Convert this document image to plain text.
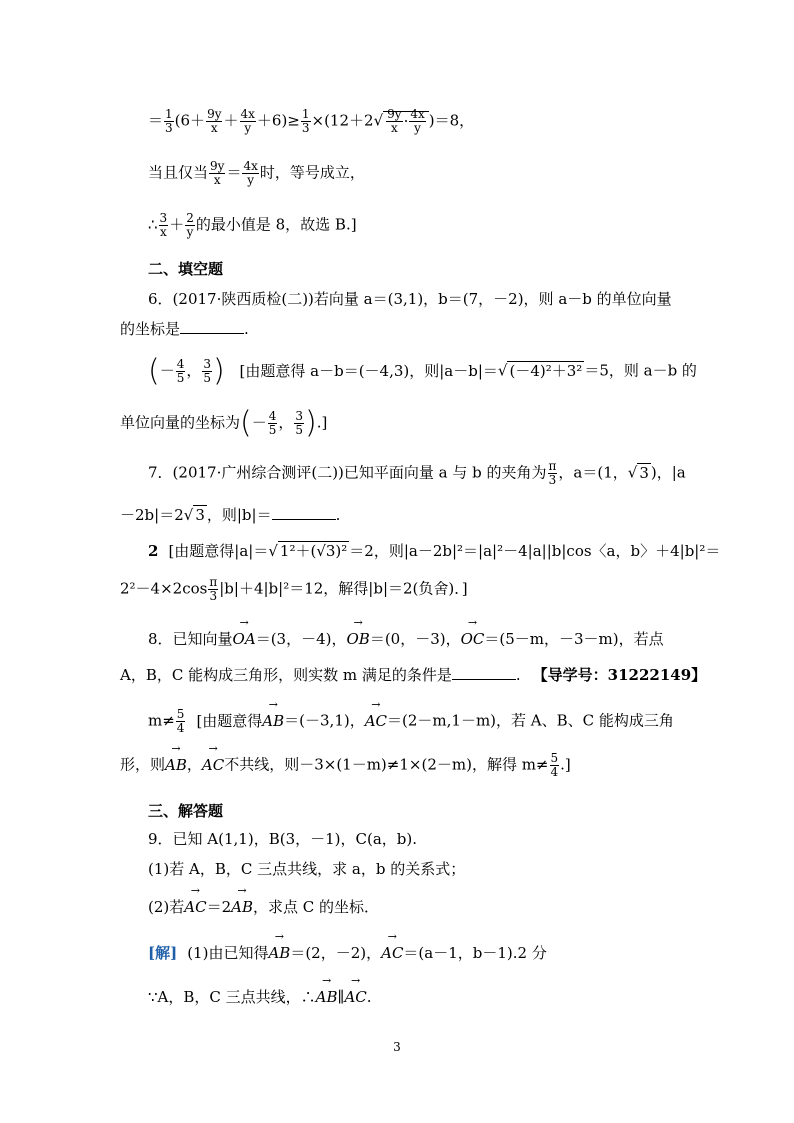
＝ $\frac{1}{3} (6+ \frac{9y}{x} + \frac{4x}{y} +6)\ge \frac{1}{3} \times(12+2√ \frac{9y}{x} \cdot \frac{4x}{y} )=8$，
当且仅当 $\frac{9y}{x} = \frac{4x}{y}$ 时，等号成立，
∴ $\frac{3}{x} + \frac{2}{y}$ 的最小值是 8，故选 B.]
二、填空题
6．(2017·陕西质检(二))若向量 a＝(3,1)，b＝(7，－2)，则 a－b 的单位向量
的坐标是	.
(－ $\frac{4}{5}$ ， $\frac{3}{5}$ ) [由题意得 a－b＝(－4,3)，则|a－b|＝√ (－4)²＋3² ＝5，则 a－b 的
单位向量的坐标为(－ $\frac{4}{5}$ ， $\frac{3}{5}$ ).]
7．(2017·广州综合测评(二))已知平面向量 a 与 b 的夹角为 $\frac{\pi}{3}$ ，a＝(1，√ 3 )，|a
－2b|＝2√ 3 ，则|b|＝	.
2 [由题意得|a|＝√ 1²＋(√3)² ＝2，则|a－2b|²＝|a|²－4|a||b|cos〈a，b〉＋4|b|²＝
$2^2-4\times 2\cos \frac{\pi}{3} |b|+4|b|^2=12$，解得|b|＝2(负舍)．]
8．已知向量→ OA＝(3，－4)，→ OB＝(0，－3)，→ OC＝(5－m，－3－m)，若点
A，B，C 能构成三角形，则实数 m 满足的条件是	. 【导学号：31222149】
$m\ne \frac{5}{4}$ [由题意得→ AB＝(－3,1)，→ AC＝(2－m,1－m)，若 A、B、C 能构成三角
形，则→ AB，→ AC不共线，则－3×(1－m)≠1×(2－m)，解得 $m\ne \frac{5}{4}$ .]
三、解答题
9．已知 A(1,1)，B(3，－1)，C(a，b).
(1)若 A，B，C 三点共线，求 a，b 的关系式；
(2)若→ AC＝2→ AB，求点 C 的坐标．
[解] (1)由已知得→ AB＝(2，－2)，→ AC＝(a－1，b－1).2 分
∵A，B，C 三点共线，∴→ AB∥→ AC.
3
